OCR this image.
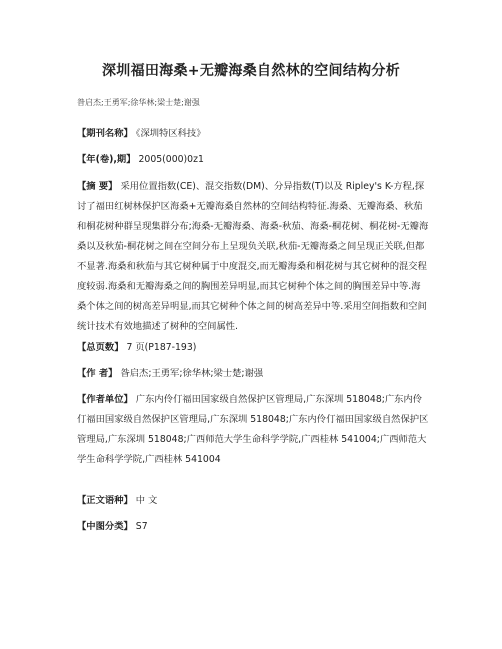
深圳福田海桑+无瓣海桑自然林的空间结构分析
昝启杰;王勇军;徐华林;梁士楚;谢强
【期刊名称】 《深圳特区科技》
【年(卷),期】 2005(000)0z1
【摘 要】 采用位置指数(CE)、混交指数(DM)、分异指数(T)以及 Ripley's K-方程,探讨了福田红树林保护区海桑+无瓣海桑自然林的空间结构特征.海桑、无瓣海桑、秋茄和桐花树种群呈现集群分布;海桑-无瓣海桑、海桑-秋茄、海桑-桐花树、桐花树-无瓣海桑以及秋茄-桐花树之间在空间分布上呈现负关联,秋茄-无瓣海桑之间呈现正关联,但都不显著.海桑和秋茄与其它树种属于中度混交,而无瓣海桑和桐花树与其它树种的混交程度较弱.海桑和无瓣海桑之间的胸围差异明显,而其它树种个体之间的胸围差异中等.海桑个体之间的树高差异明显,而其它树种个体之间的树高差异中等.采用空间指数和空间统计技术有效地描述了树种的空间属性.
【总页数】 7 页(P187-193)
【作 者】 昝启杰;王勇军;徐华林;梁士楚;谢强
【作者单位】 广东内伶仃福田国家级自然保护区管理局,广东深圳 518048;广东内伶仃福田国家级自然保护区管理局,广东深圳 518048;广东内伶仃福田国家级自然保护区管理局,广东深圳 518048;广西师范大学生命科学学院,广西桂林 541004;广西师范大学生命科学学院,广西桂林 541004
【正文语种】 中 文
【中图分类】 S7
